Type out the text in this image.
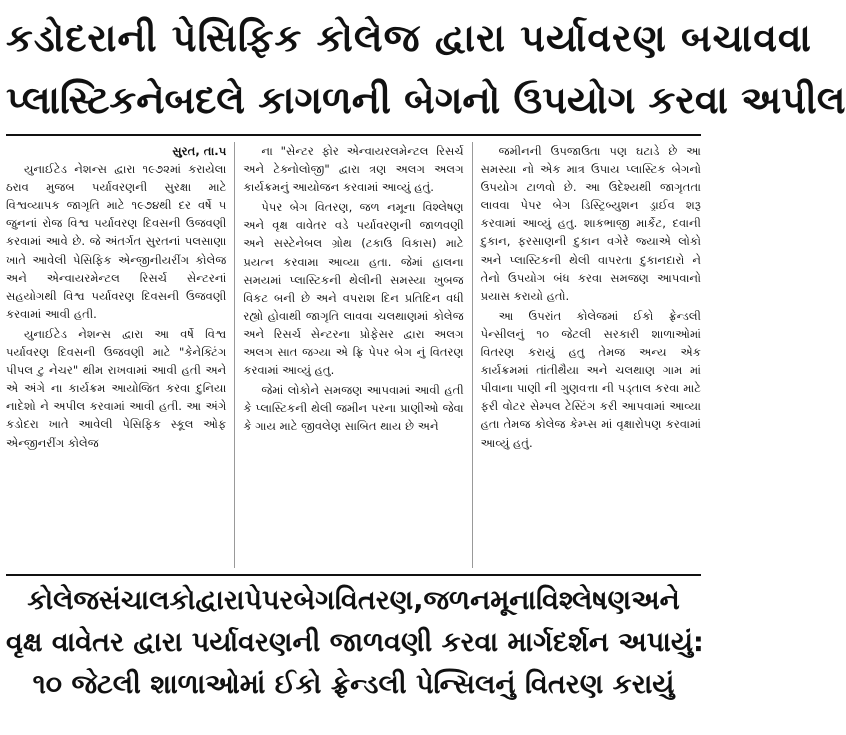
કડોદરાની પેસિફિક કોલેજ દ્વારા પર્યાવરણ બચાવવા
પ્લાસ્ટિકનેબદલે કાગળની બેગનો ઉપયોગ કરવા અપીલ
સુરત, તા.૫

યુનાઈટેડ નેશન્સ દ્વારા ૧૯૭૨માં કરાયેલા ઠરાવ મુજબ પર્યાવરણની સુરક્ષા માટે વિશ્વવ્યાપક જાગૃતિ માટે ૧૯૭૪થી દર વર્ષે ૫ જુનનાં રોજ વિશ્વ પર્યાવરણ દિવસની ઉજવણી કરવામાં આવે છે. જે અંતર્ગત સુરતનાં પલસાણા ખાતે આવેલી પેસિફિક એન્જીનીયરીંગ કોલેજ અને એન્વાયરમેન્ટલ રિસર્ચ સેન્ટરનાં સહયોગથી વિશ્વ પર્યાવરણ દિવસની ઉજવણી કરવામાં આવી હતી.

યુનાઈટેડ નેશન્સ દ્વારા આ વર્ષે વિશ્વ પર્યાવરણ દિવસની ઉજવણી માટે "કેનેક્ટિંગ પીપલ ટુ નેચર" થીમ રાખવામાં આવી હતી અને એ અંગે ના કાર્યક્રમ આયોજિત કરવા દુનિયા નાદેશો ને અપીલ કરવામાં આવી હતી. આ અંગે કડોદરા ખાતે આવેલી પેસિફિક સ્કૂલ ઓફ એન્જીનરીંગ કોલેજ

ના "સેન્ટર ફોર એન્વાયરલમેન્ટલ રિસર્ચ અને ટેક્નોલોજી" દ્વારા ત્રણ અલગ અલગ કાર્યક્રમનું આયોજન કરવામાં આવ્યું હતું.

પેપર બેગ વિતરણ, જળ નમૂના વિશ્લેષણ અને વૃક્ષ વાવેતર વડે પર્યાવરણની જાળવણી અને સસ્ટેનેબલ ગ્રોથ (ટકાઉ વિકાસ) માટે પ્રયત્ન કરવામા આવ્યા હતા. જેમાં હાલના સમયમાં પ્લાસ્ટિકની થેલીની સમસ્યા ખુબજ વિકટ બની છે અને વપરાશ દિન પ્રતિદિન વધી રહ્યો હોવાથી જાગૃતિ લાવવા ચલથાણમાં કોલેજ અને રિસર્ચ સેન્ટરના પ્રોફેસર દ્વારા અલગ અલગ સાત જગ્યા એ ફ્રિ પેપર બેગ નું વિતરણ કરવામાં આવ્યું હતુ.

જેમાં લોકોને સમજણ આપવામાં આવી હતી કે પ્લાસ્ટિકની થેલી જમીન પરના પ્રાણીઓ જેવા કે ગાય માટે જીવલેણ સાબિત થાય છે અને

જમીનની ઉપજાઉતા પણ ઘટાડે છે આ સમસ્યા નો એક માત્ર ઉપાય પ્લાસ્ટિક બેગનો ઉપયોગ ટાળવો છે. આ ઉદેશ્યથી જાગૃતતા લાવવા પેપર બેગ ડિસ્ટ્રિબ્યુશન ડ્રાઈવ શરૂ કરવામાં આવ્યું હતુ. શાકભાજી માર્કેટ, દવાની દુકાન, ફરસાણની દુકાન વગેરે જ્યાએ લોકો અને પ્લાસ્ટિકની થેલી વાપરતા દુકાનદારો ને તેનો ઉપયોગ બંધ કરવા સમજણ આપવાનો પ્રયાસ કરાયો હતો.

આ ઉપરાંત કોલેજમાં ઈકો ફ્રેન્ડલી પેન્સીલનું ૧૦ જેટલી સરકારી શાળાઓમાં વિતરણ કરાયું હતુ તેમજ અન્ય એક કાર્યક્રમમાં તાંતીથૈયા અને ચલથાણ ગામ માં પીવાના પાણી ની ગુણવત્તા ની પડ્તાલ કરવા માટે ફરી વોટર સેમ્પલ ટેસ્ટિંગ કરી આપવામાં આવ્યા હતા તેમજ કોલેજ કેમ્પ્સ માં વૃક્ષારોપણ કરવામાં આવ્યું હતું.

કોલેજસંચાલકોદ્વારાપેપરબેગવિતરણ,જળનમૂનાવિશ્લેષણઅને
વૃક્ષ વાવેતર દ્વારા પર્યાવરણની જાળવણી કરવા માર્ગદર્શન અપાયું:
૧૦ જેટલી શાળાઓમાં ઈકો ફ્રેન્ડલી પેન્સિલનું વિતરણ કરાયું
